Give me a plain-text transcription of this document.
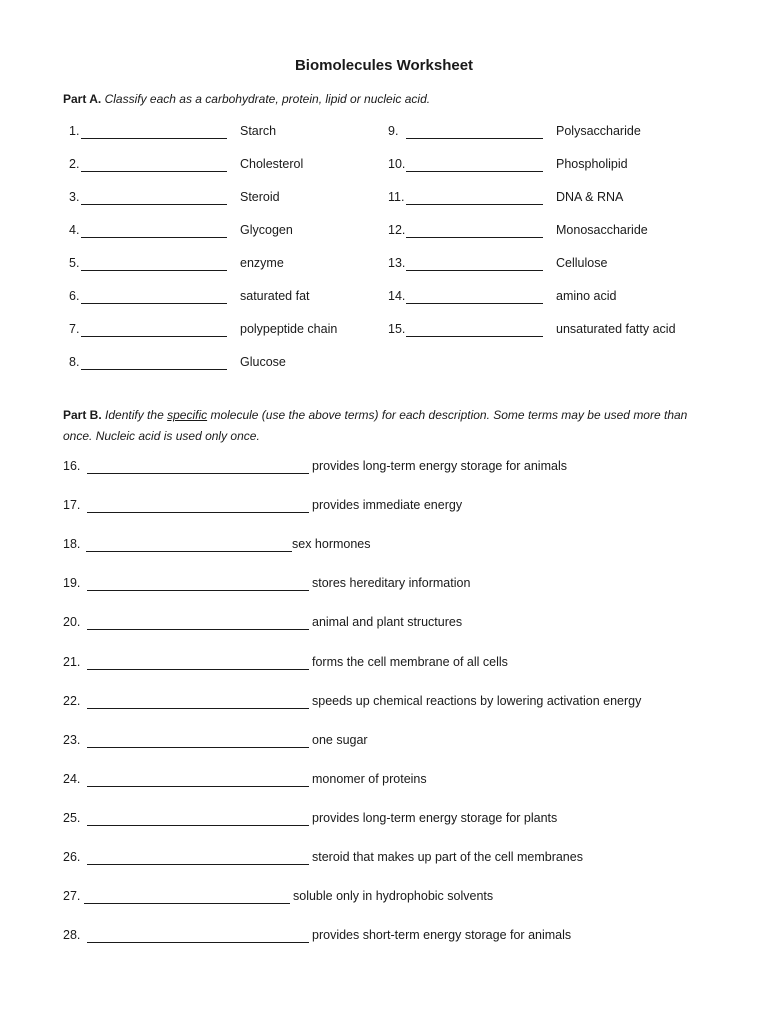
Biomolecules Worksheet
Part A. Classify each as a carbohydrate, protein, lipid or nucleic acid.
1.	Starch
2.	Cholesterol
3.	Steroid
4.	Glycogen
5.	enzyme
6.	saturated fat
7.	polypeptide chain
8.	Glucose
9.	Polysaccharide
10.	Phospholipid
11.	DNA & RNA
12.	Monosaccharide
13.	Cellulose
14.	amino acid
15.	unsaturated fatty acid
Part B. Identify the specific molecule (use the above terms) for each description. Some terms may be used more than once. Nucleic acid is used only once.
16.	provides long-term energy storage for animals
17.	provides immediate energy
18.	sex hormones
19.	stores hereditary information
20.	animal and plant structures
21.	forms the cell membrane of all cells
22.	speeds up chemical reactions by lowering activation energy
23.	one sugar
24.	monomer of proteins
25.	provides long-term energy storage for plants
26.	steroid that makes up part of the cell membranes
27.	soluble only in hydrophobic solvents
28.	provides short-term energy storage for animals
